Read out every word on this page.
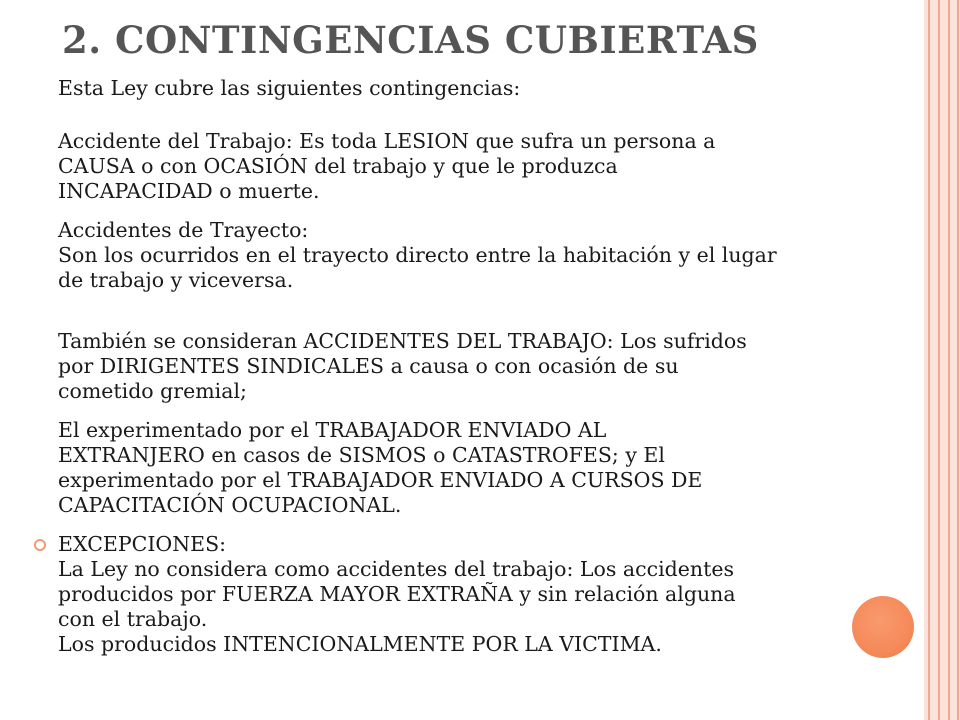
2. CONTINGENCIAS CUBIERTAS

Esta Ley cubre las siguientes contingencias:

Accidente del Trabajo: Es toda LESION que sufra un persona a
CAUSA o con OCASIÓN del trabajo y que le produzca
INCAPACIDAD o muerte.

Accidentes de Trayecto:
Son los ocurridos en el trayecto directo entre la habitación y el lugar
de trabajo y viceversa.

También se consideran ACCIDENTES DEL TRABAJO: Los sufridos
por DIRIGENTES SINDICALES a causa o con ocasión de su
cometido gremial;

El experimentado por el TRABAJADOR ENVIADO AL
EXTRANJERO en casos de SISMOS o CATASTROFES; y El
experimentado por el TRABAJADOR ENVIADO A CURSOS DE
CAPACITACIÓN OCUPACIONAL.

EXCEPCIONES:
La Ley no considera como accidentes del trabajo: Los accidentes
producidos por FUERZA MAYOR EXTRAÑA y sin relación alguna
con el trabajo.
Los producidos INTENCIONALMENTE POR LA VICTIMA.
